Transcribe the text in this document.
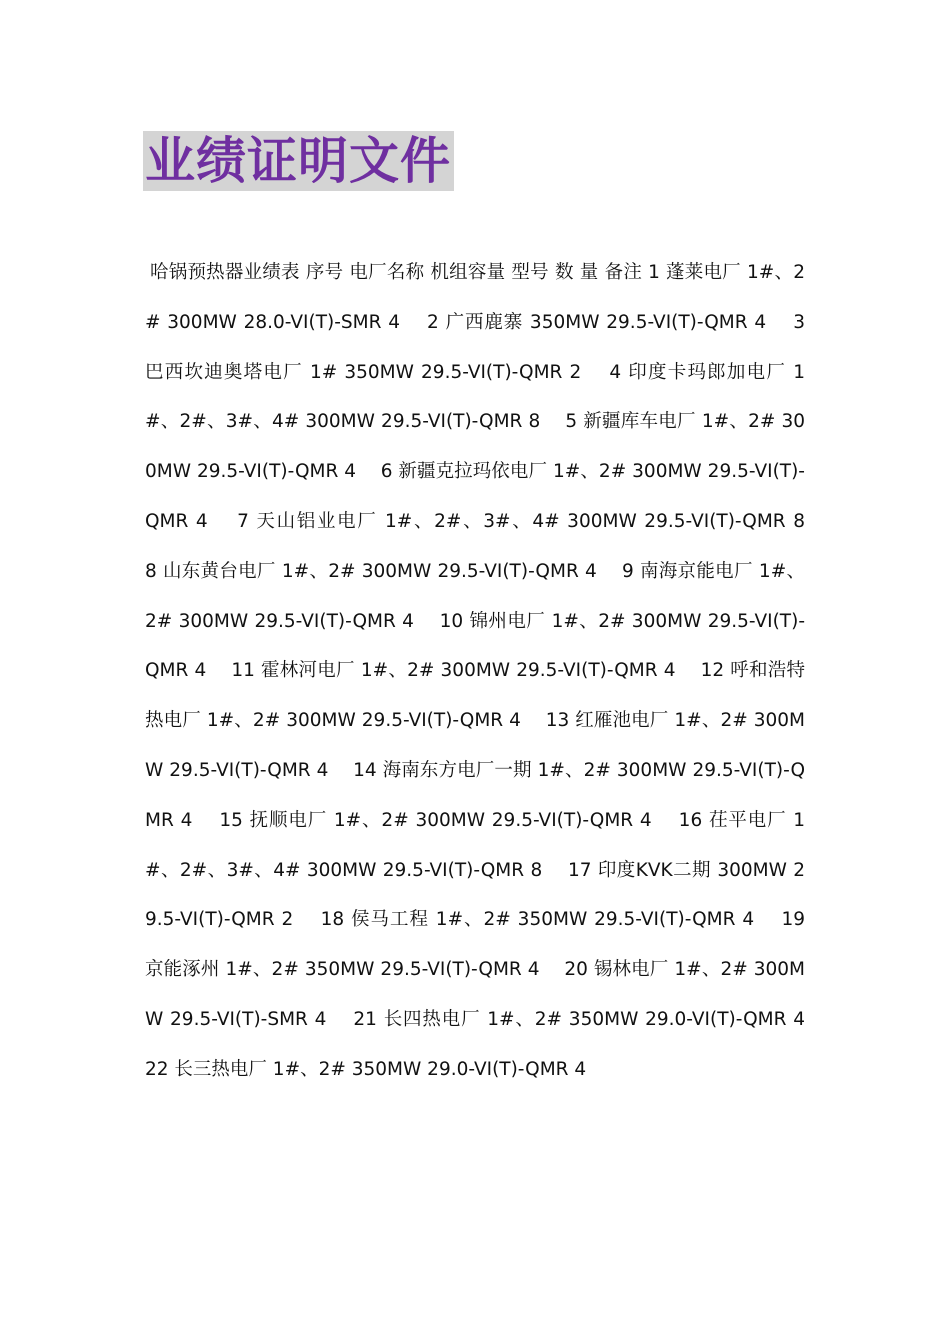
业绩证明文件

哈锅预热器业绩表 序号 电厂名称 机组容量 型号 数 量 备注 1 蓬莱电厂 1#、2# 300MW 28.0-VI(T)-SMR 4　 2 广西鹿寨 350MW 29.5-VI(T)-QMR 4　 3 巴西坎迪奥塔电厂 1# 350MW 29.5-VI(T)-QMR 2　 4 印度卡玛郎加电厂 1#、2#、3#、4# 300MW 29.5-VI(T)-QMR 8　 5 新疆库车电厂 1#、2# 300MW 29.5-VI(T)-QMR 4　 6 新疆克拉玛依电厂 1#、2# 300MW 29.5-VI(T)-QMR 4　 7 天山铝业电厂 1#、2#、3#、4# 300MW 29.5-VI(T)-QMR 8　 8 山东黄台电厂 1#、2# 300MW 29.5-VI(T)-QMR 4　 9 南海京能电厂 1#、2# 300MW 29.5-VI(T)-QMR 4　 10 锦州电厂 1#、2# 300MW 29.5-VI(T)-QMR 4　 11 霍林河电厂 1#、2# 300MW 29.5-VI(T)-QMR 4　 12 呼和浩特热电厂 1#、2# 300MW 29.5-VI(T)-QMR 4　 13 红雁池电厂 1#、2# 300MW 29.5-VI(T)-QMR 4　 14 海南东方电厂一期 1#、2# 300MW 29.5-VI(T)-QMR 4　 15 抚顺电厂 1#、2# 300MW 29.5-VI(T)-QMR 4　 16 茌平电厂 1#、2#、3#、4# 300MW 29.5-VI(T)-QMR 8　 17 印度KVK二期 300MW 29.5-VI(T)-QMR 2　 18 侯马工程 1#、2# 350MW 29.5-VI(T)-QMR 4　 19 京能涿州 1#、2# 350MW 29.5-VI(T)-QMR 4　 20 锡林电厂 1#、2# 300MW 29.5-VI(T)-SMR 4　 21 长四热电厂 1#、2# 350MW 29.0-VI(T)-QMR 4　 22 长三热电厂 1#、2# 350MW 29.0-VI(T)-QMR 4
